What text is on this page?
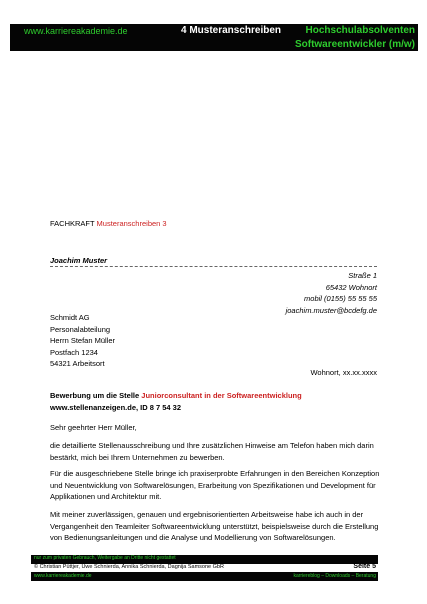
www.karriereakademie.de	4 Musteranschreiben Hochschulabsolventen
Softwareentwickler (m/w)
FACHKRAFT Musteranschreiben 3
Joachim Muster
Straße 1
65432 Wohnort
mobil (0155) 55 55 55
joachim.muster@bcdefg.de
Schmidt AG
Personalabteilung
Herrn Stefan Müller
Postfach 1234
54321 Arbeitsort
Wohnort, xx.xx.xxxx
Bewerbung um die Stelle Juniorconsultant in der Softwareentwicklung
www.stellenanzeigen.de, ID 8 7 54 32
Sehr geehrter Herr Müller,
die detaillierte Stellenausschreibung und Ihre zusätzlichen Hinweise am Telefon haben mich darin bestärkt, mich bei Ihrem Unternehmen zu bewerben.
Für die ausgeschriebene Stelle bringe ich praxiserprobte Erfahrungen in den Bereichen Konzeption und Neuentwicklung von Softwarelösungen, Erarbeitung von Spezifikationen und Development für Applikationen und Architektur mit.
Mit meiner zuverlässigen, genauen und ergebnisorientierten Arbeitsweise habe ich auch in der Vergangenheit den Teamleiter Softwareentwicklung unterstützt, beispielsweise durch die Erstellung von Bedienungsanleitungen und die Analyse und Modellierung von Softwarelösungen.
nur zum privaten Gebrauch, Weitergabe an Dritte nicht gestattet
© Christian Püttjer, Uwe Schnierda, Annika Schnierda, Dagnija Samsone GbR	Seite 5
www.karriereakademie.de	karriereblog – Downloads – Beratung
